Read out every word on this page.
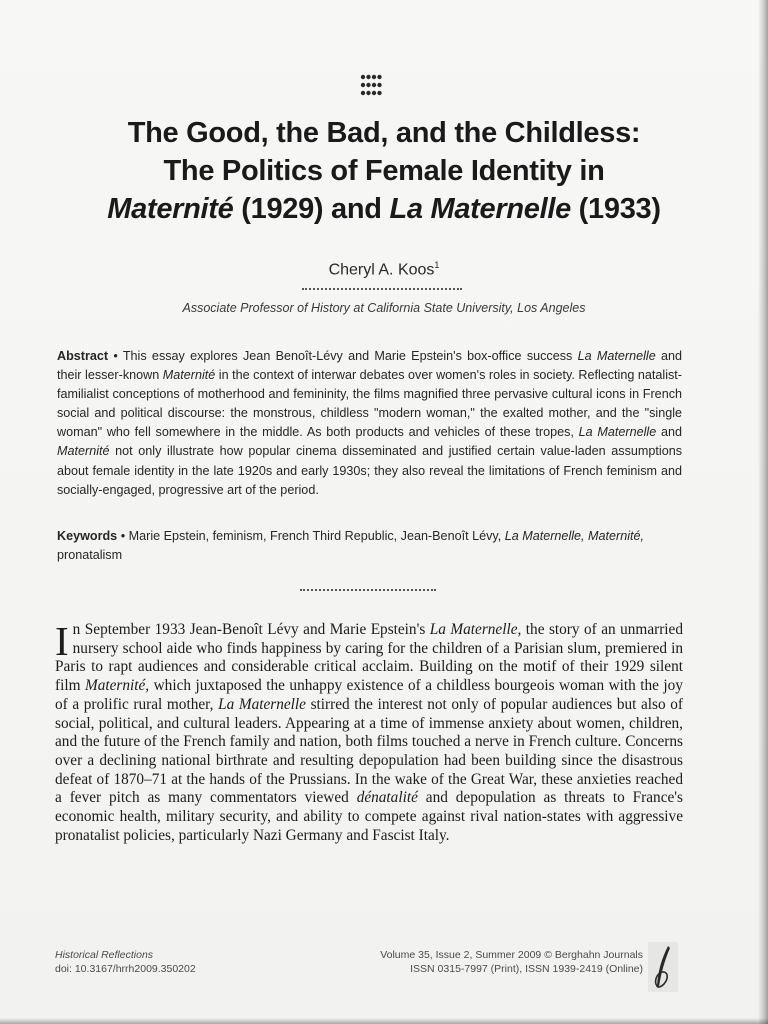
The Good, the Bad, and the Childless:
The Politics of Female Identity in
Maternité (1929) and La Maternelle (1933)
Cheryl A. Koos$^1$
Associate Professor of History at California State University, Los Angeles
Abstract • This essay explores Jean Benoît-Lévy and Marie Epstein's box-office success La Maternelle and their lesser-known Maternité in the context of interwar debates over women's roles in society. Reflecting natalist-familialist conceptions of motherhood and femininity, the films magnified three pervasive cultural icons in French social and political discourse: the monstrous, childless "modern woman," the exalted mother, and the "single woman" who fell somewhere in the middle. As both products and vehicles of these tropes, La Maternelle and Maternité not only illustrate how popular cinema disseminated and justified certain value-laden assumptions about female identity in the late 1920s and early 1930s; they also reveal the limitations of French feminism and socially-engaged, progressive art of the period.
Keywords • Marie Epstein, feminism, French Third Republic, Jean-Benoît Lévy, La Maternelle, Maternité, pronatalism
In September 1933 Jean-Benoît Lévy and Marie Epstein's La Maternelle, the story of an unmarried nursery school aide who finds happiness by caring for the children of a Parisian slum, premiered in Paris to rapt audiences and considerable critical acclaim. Building on the motif of their 1929 silent film Maternité, which juxtaposed the unhappy existence of a childless bourgeois woman with the joy of a prolific rural mother, La Maternelle stirred the interest not only of popular audiences but also of social, political, and cultural leaders. Appearing at a time of immense anxiety about women, children, and the future of the French family and nation, both films touched a nerve in French culture. Concerns over a declining national birthrate and resulting depopulation had been building since the disastrous defeat of 1870–71 at the hands of the Prussians. In the wake of the Great War, these anxieties reached a fever pitch as many commentators viewed dénatalité and depopulation as threats to France's economic health, military security, and ability to compete against rival nation-states with aggressive pronatalist policies, particularly Nazi Germany and Fascist Italy.
Historical Reflections
doi: 10.3167/hrrh2009.350202
Volume 35, Issue 2, Summer 2009 © Berghahn Journals
ISSN 0315-7997 (Print), ISSN 1939-2419 (Online)
